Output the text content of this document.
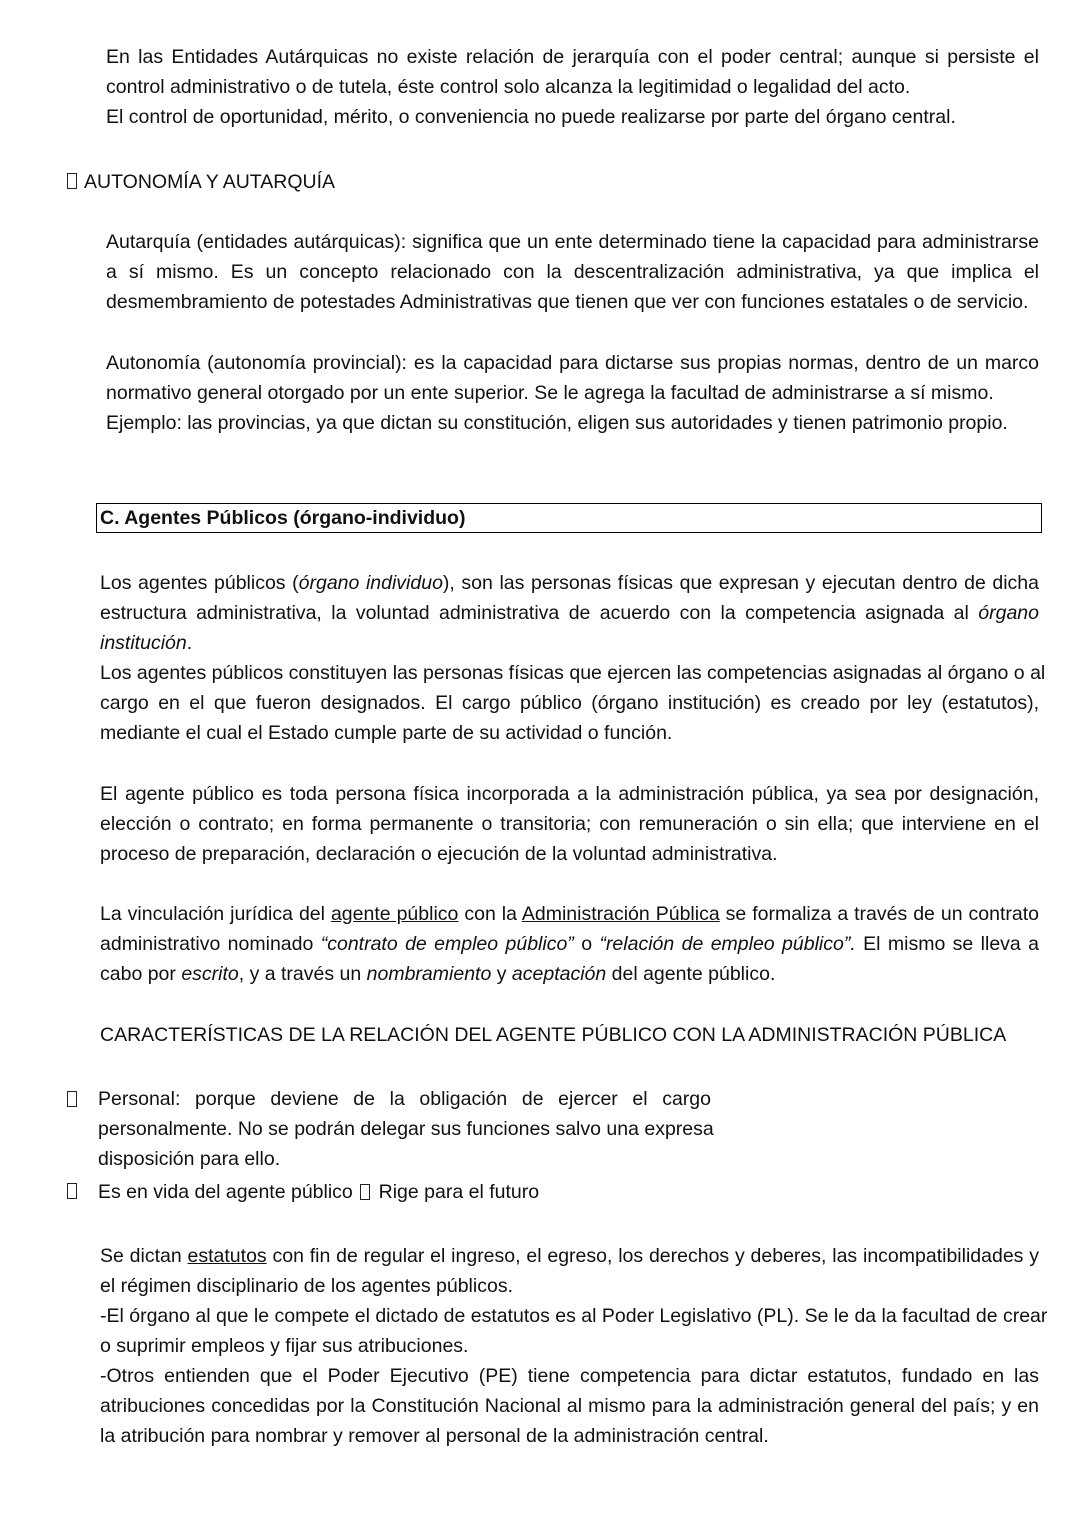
En las Entidades Autárquicas no existe relación de jerarquía con el poder central; aunque si persiste el
control administrativo o de tutela, éste control solo alcanza la legitimidad o legalidad del acto.
El control de oportunidad, mérito, o conveniencia no puede realizarse por parte del órgano central.
AUTONOMÍA Y AUTARQUÍA
Autarquía (entidades autárquicas): significa que un ente determinado tiene la capacidad para administrarse
a sí mismo. Es un concepto relacionado con la descentralización administrativa, ya que implica el
desmembramiento de potestades Administrativas que tienen que ver con funciones estatales o de servicio.
Autonomía (autonomía provincial): es la capacidad para dictarse sus propias normas, dentro de un marco
normativo general otorgado por un ente superior. Se le agrega la facultad de administrarse a sí mismo.
Ejemplo: las provincias, ya que dictan su constitución, eligen sus autoridades y tienen patrimonio propio.
C. Agentes Públicos (órgano-individuo)
Los agentes públicos (órgano individuo), son las personas físicas que expresan y ejecutan dentro de dicha
estructura administrativa, la voluntad administrativa de acuerdo con la competencia asignada al órgano
institución.
Los agentes públicos constituyen las personas físicas que ejercen las competencias asignadas al órgano o al
cargo en el que fueron designados. El cargo público (órgano institución) es creado por ley (estatutos),
mediante el cual el Estado cumple parte de su actividad o función.
El agente público es toda persona física incorporada a la administración pública, ya sea por designación,
elección o contrato; en forma permanente o transitoria; con remuneración o sin ella; que interviene en el
proceso de preparación, declaración o ejecución de la voluntad administrativa.
La vinculación jurídica del agente público con la Administración Pública se formaliza a través de un contrato
administrativo nominado “contrato de empleo público” o “relación de empleo público”. El mismo se lleva a
cabo por escrito, y a través un nombramiento y aceptación del agente público.
CARACTERÍSTICAS DE LA RELACIÓN DEL AGENTE PÚBLICO CON LA ADMINISTRACIÓN PÚBLICA
Personal: porque deviene de la obligación de ejercer el cargo
personalmente. No se podrán delegar sus funciones salvo una expresa
disposición para ello.
Es en vida del agente público Rige para el futuro
Se dictan estatutos con fin de regular el ingreso, el egreso, los derechos y deberes, las incompatibilidades y
el régimen disciplinario de los agentes públicos.
-El órgano al que le compete el dictado de estatutos es al Poder Legislativo (PL). Se le da la facultad de crear
o suprimir empleos y fijar sus atribuciones.
-Otros entienden que el Poder Ejecutivo (PE) tiene competencia para dictar estatutos, fundado en las
atribuciones concedidas por la Constitución Nacional al mismo para la administración general del país; y en
la atribución para nombrar y remover al personal de la administración central.
